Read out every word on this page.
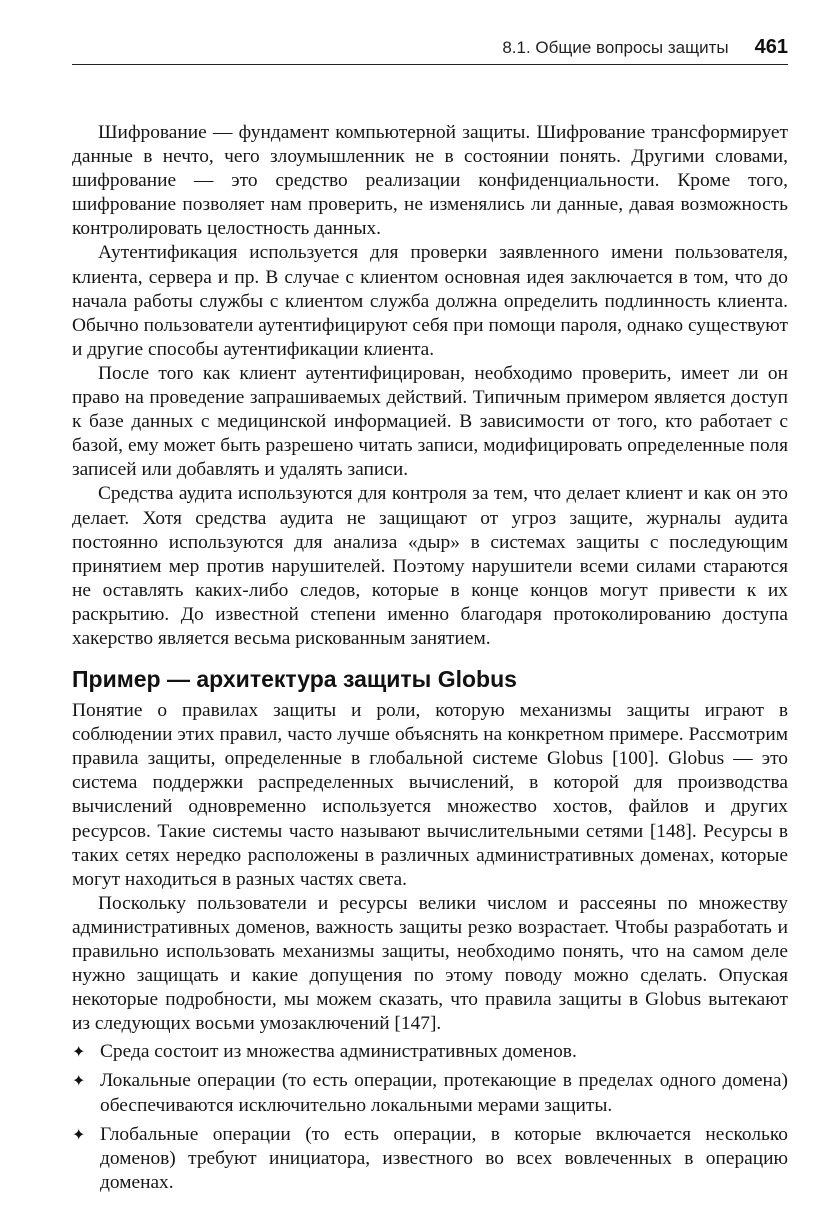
8.1. Общие вопросы защиты 461

Шифрование — фундамент компьютерной защиты. Шифрование трансформирует данные в нечто, чего злоумышленник не в состоянии понять. Другими словами, шифрование — это средство реализации конфиденциальности. Кроме того, шифрование позволяет нам проверить, не изменялись ли данные, давая возможность контролировать целостность данных.

Аутентификация используется для проверки заявленного имени пользователя, клиента, сервера и пр. В случае с клиентом основная идея заключается в том, что до начала работы службы с клиентом служба должна определить подлинность клиента. Обычно пользователи аутентифицируют себя при помощи пароля, однако существуют и другие способы аутентификации клиента.

После того как клиент аутентифицирован, необходимо проверить, имеет ли он право на проведение запрашиваемых действий. Типичным примером является доступ к базе данных с медицинской информацией. В зависимости от того, кто работает с базой, ему может быть разрешено читать записи, модифицировать определенные поля записей или добавлять и удалять записи.

Средства аудита используются для контроля за тем, что делает клиент и как он это делает. Хотя средства аудита не защищают от угроз защите, журналы аудита постоянно используются для анализа «дыр» в системах защиты с последующим принятием мер против нарушителей. Поэтому нарушители всеми силами стараются не оставлять каких-либо следов, которые в конце концов могут привести к их раскрытию. До известной степени именно благодаря протоколированию доступа хакерство является весьма рискованным занятием.

Пример — архитектура защиты Globus

Понятие о правилах защиты и роли, которую механизмы защиты играют в соблюдении этих правил, часто лучше объяснять на конкретном примере. Рассмотрим правила защиты, определенные в глобальной системе Globus [100]. Globus — это система поддержки распределенных вычислений, в которой для производства вычислений одновременно используется множество хостов, файлов и других ресурсов. Такие системы часто называют вычислительными сетями [148]. Ресурсы в таких сетях нередко расположены в различных административных доменах, которые могут находиться в разных частях света.

Поскольку пользователи и ресурсы велики числом и рассеяны по множеству административных доменов, важность защиты резко возрастает. Чтобы разработать и правильно использовать механизмы защиты, необходимо понять, что на самом деле нужно защищать и какие допущения по этому поводу можно сделать. Опуская некоторые подробности, мы можем сказать, что правила защиты в Globus вытекают из следующих восьми умозаключений [147].

✦ Среда состоит из множества административных доменов.
✦ Локальные операции (то есть операции, протекающие в пределах одного домена) обеспечиваются исключительно локальными мерами защиты.
✦ Глобальные операции (то есть операции, в которые включается несколько доменов) требуют инициатора, известного во всех вовлеченных в операцию доменах.
